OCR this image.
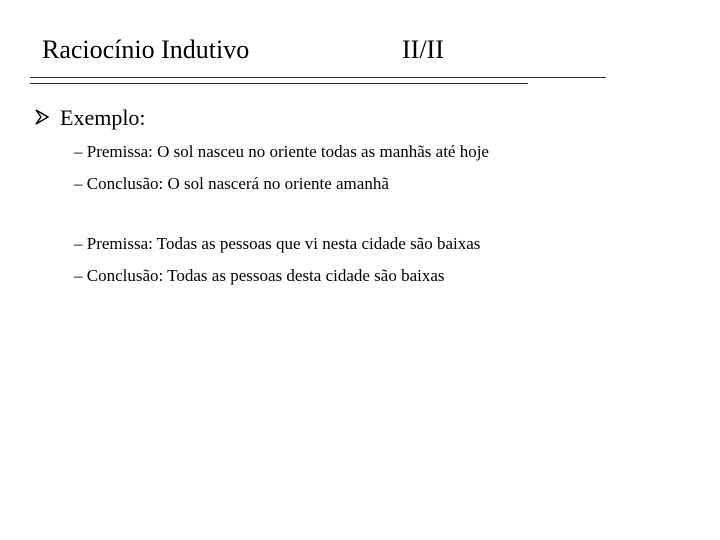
Raciocínio Indutivo	II/II
Exemplo:
– Premissa: O sol nasceu no oriente todas as manhãs até hoje
– Conclusão: O sol nascerá no oriente amanhã
– Premissa: Todas as pessoas que vi nesta cidade são baixas
– Conclusão: Todas as pessoas desta cidade são baixas
